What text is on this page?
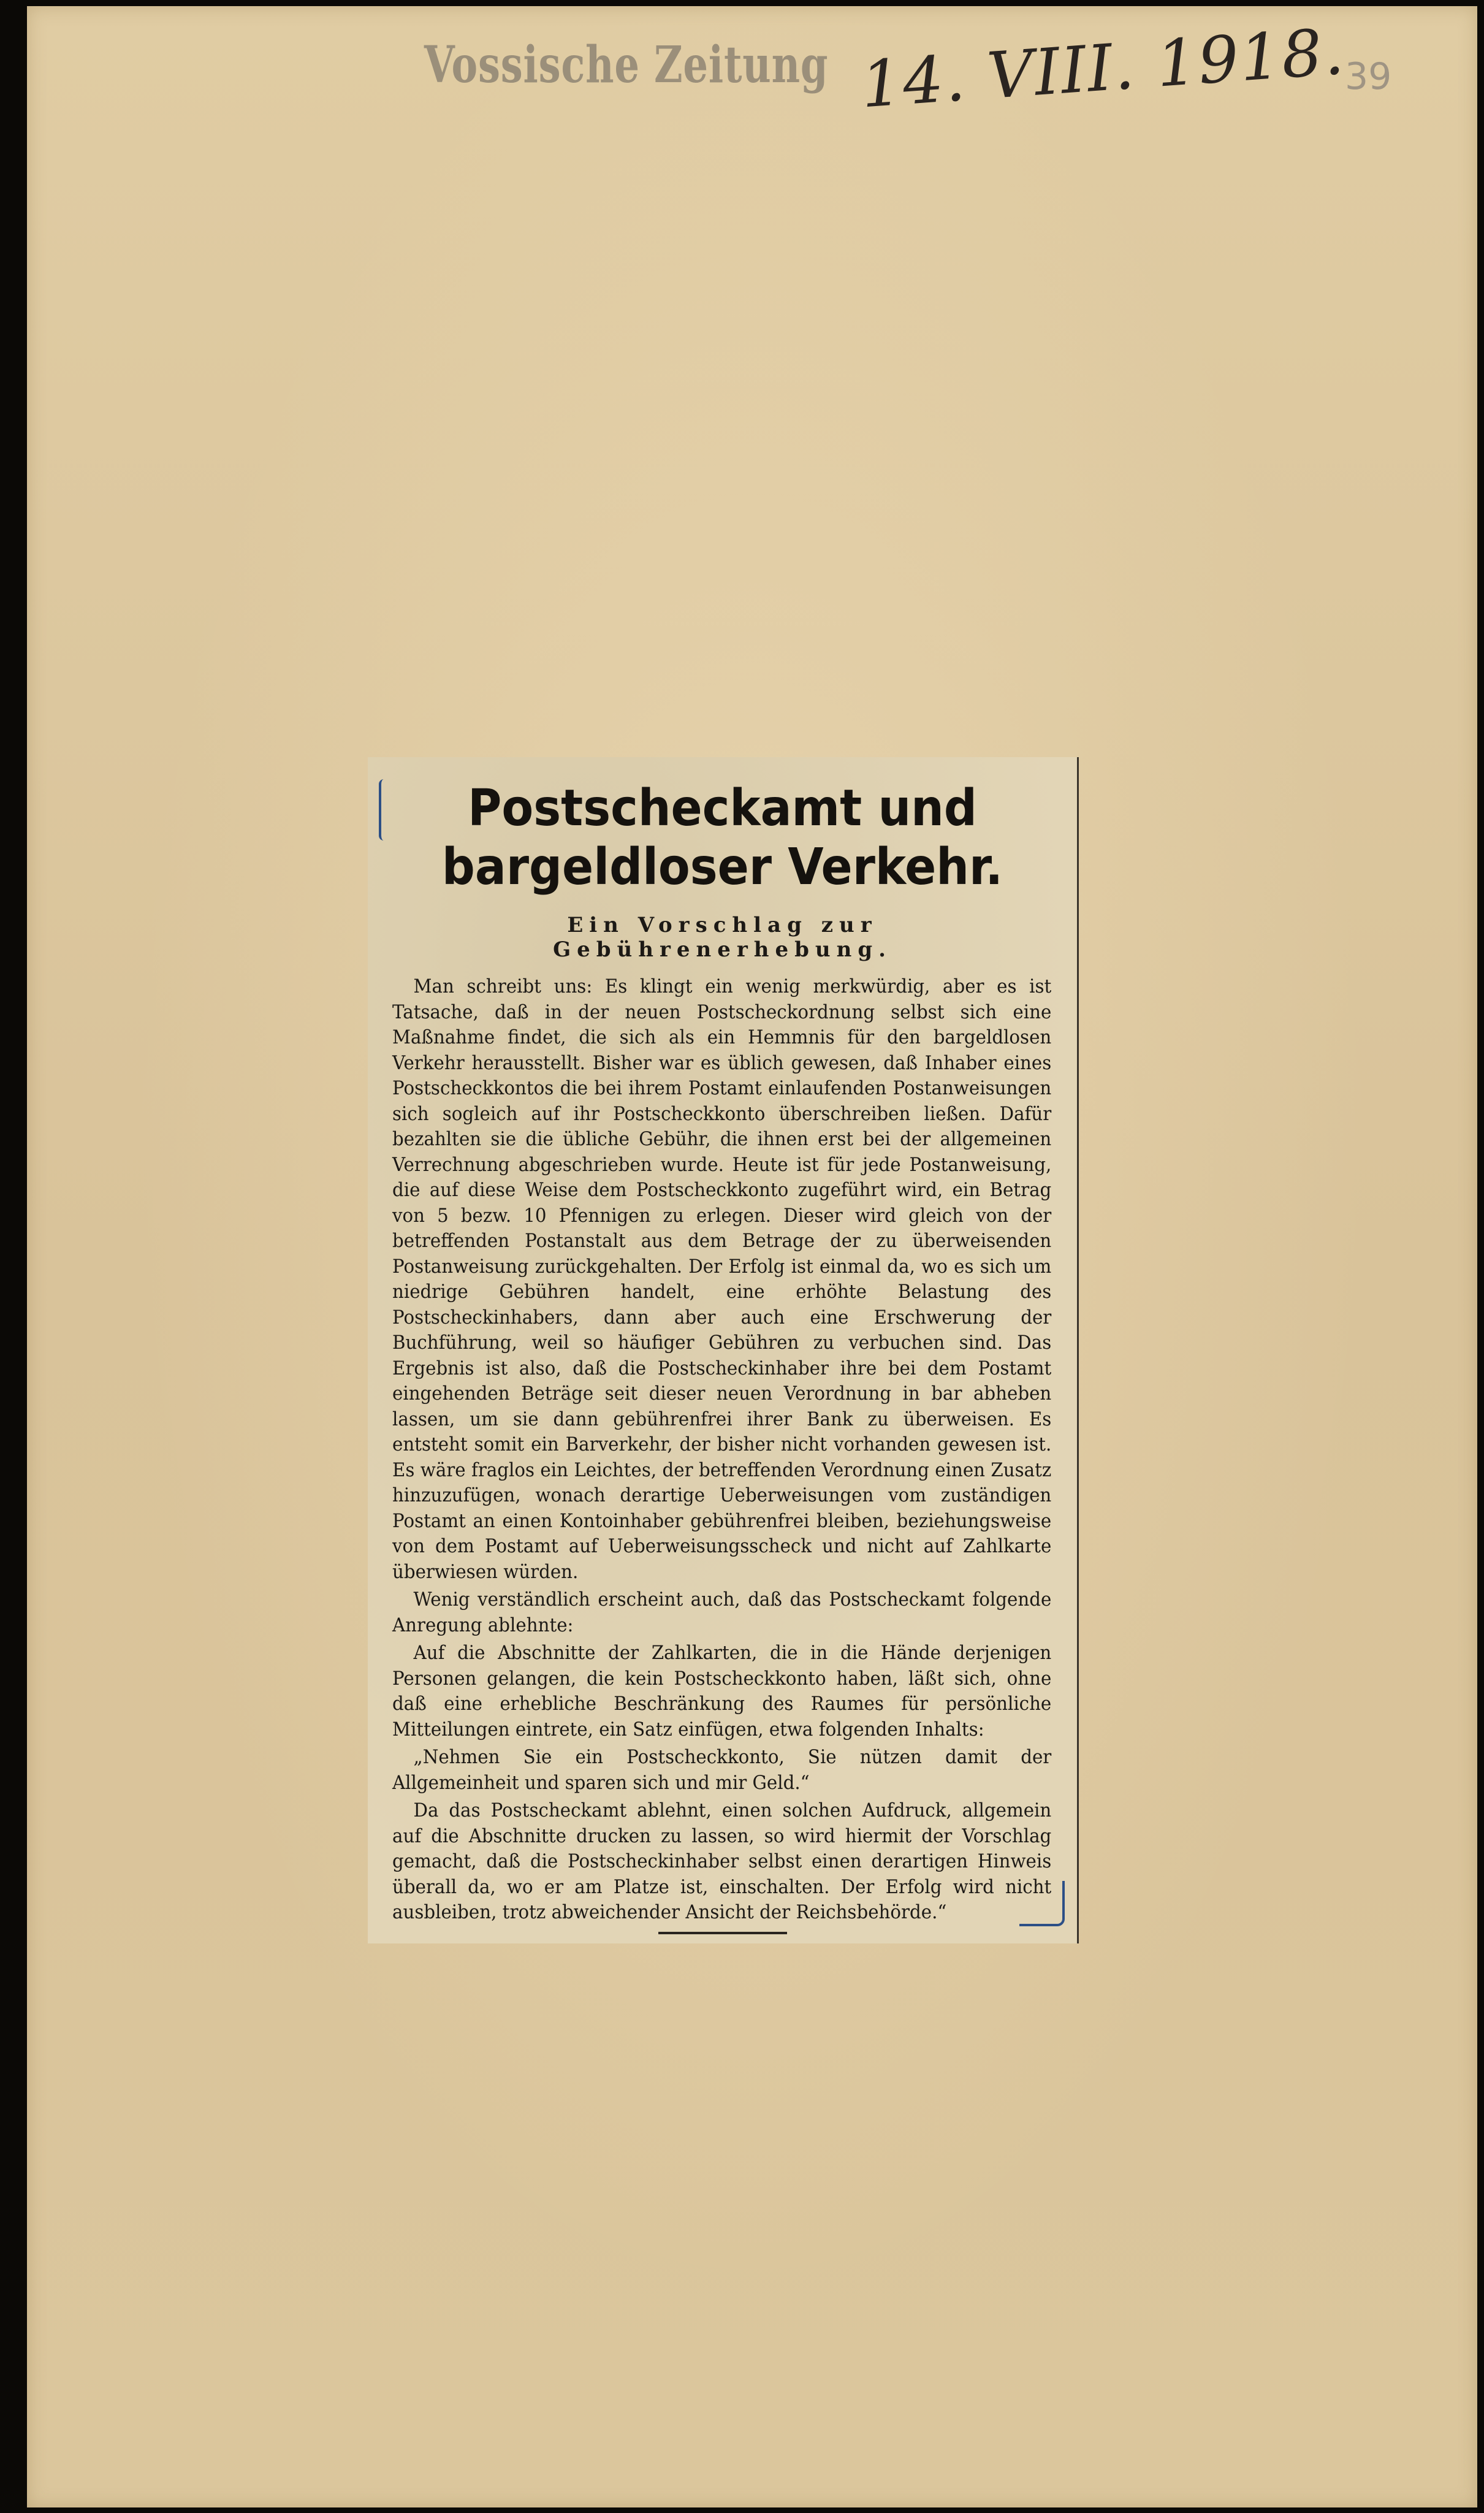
Vossische Zeitung 14. VIII. 1918.
39
Postscheckamt und bargeldloser Verkehr.
Ein Vorschlag zur Gebührenerhebung.

Man schreibt uns: Es klingt ein wenig merkwürdig, aber es ist Tatsache, daß in der neuen Postscheckordnung selbst sich eine Maßnahme findet, die sich als ein Hemmnis für den bargeldlosen Verkehr herausstellt. Bisher war es üblich gewesen, daß Inhaber eines Postscheckkontos die bei ihrem Postamt einlaufenden Postanweisungen sich sogleich auf ihr Postscheckkonto überschreiben ließen. Dafür bezahlten sie die übliche Gebühr, die ihnen erst bei der allgemeinen Verrechnung abgeschrieben wurde. Heute ist für jede Postanweisung, die auf diese Weise dem Postscheckkonto zugeführt wird, ein Betrag von 5 bezw. 10 Pfennigen zu erlegen. Dieser wird gleich von der betreffenden Postanstalt aus dem Betrage der zu überweisenden Postanweisung zurückgehalten. Der Erfolg ist einmal da, wo es sich um niedrige Gebühren handelt, eine erhöhte Belastung des Postscheckinhabers, dann aber auch eine Erschwerung der Buchführung, weil so häufiger Gebühren zu verbuchen sind. Das Ergebnis ist also, daß die Postscheckinhaber ihre bei dem Postamt eingehenden Beträge seit dieser neuen Verordnung in bar abheben lassen, um sie dann gebührenfrei ihrer Bank zu überweisen. Es entsteht somit ein Barverkehr, der bisher nicht vorhanden gewesen ist. Es wäre fraglos ein Leichtes, der betreffenden Verordnung einen Zusatz hinzuzufügen, wonach derartige Ueberweisungen vom zuständigen Postamt an einen Kontoinhaber gebührenfrei bleiben, beziehungsweise von dem Postamt auf Ueberweisungsscheck und nicht auf Zahlkarte überwiesen würden.

Wenig verständlich erscheint auch, daß das Postscheckamt folgende Anregung ablehnte:

Auf die Abschnitte der Zahlkarten, die in die Hände derjenigen Personen gelangen, die kein Postscheckkonto haben, läßt sich, ohne daß eine erhebliche Beschränkung des Raumes für persönliche Mitteilungen eintrete, ein Satz einfügen, etwa folgenden Inhalts:

„Nehmen Sie ein Postscheckkonto, Sie nützen damit der Allgemeinheit und sparen sich und mir Geld.“

Da das Postscheckamt ablehnt, einen solchen Aufdruck, allgemein auf die Abschnitte drucken zu lassen, so wird hiermit der Vorschlag gemacht, daß die Postscheckinhaber selbst einen derartigen Hinweis überall da, wo er am Platze ist, einschalten. Der Erfolg wird nicht ausbleiben, trotz abweichender Ansicht der Reichsbehörde.“
